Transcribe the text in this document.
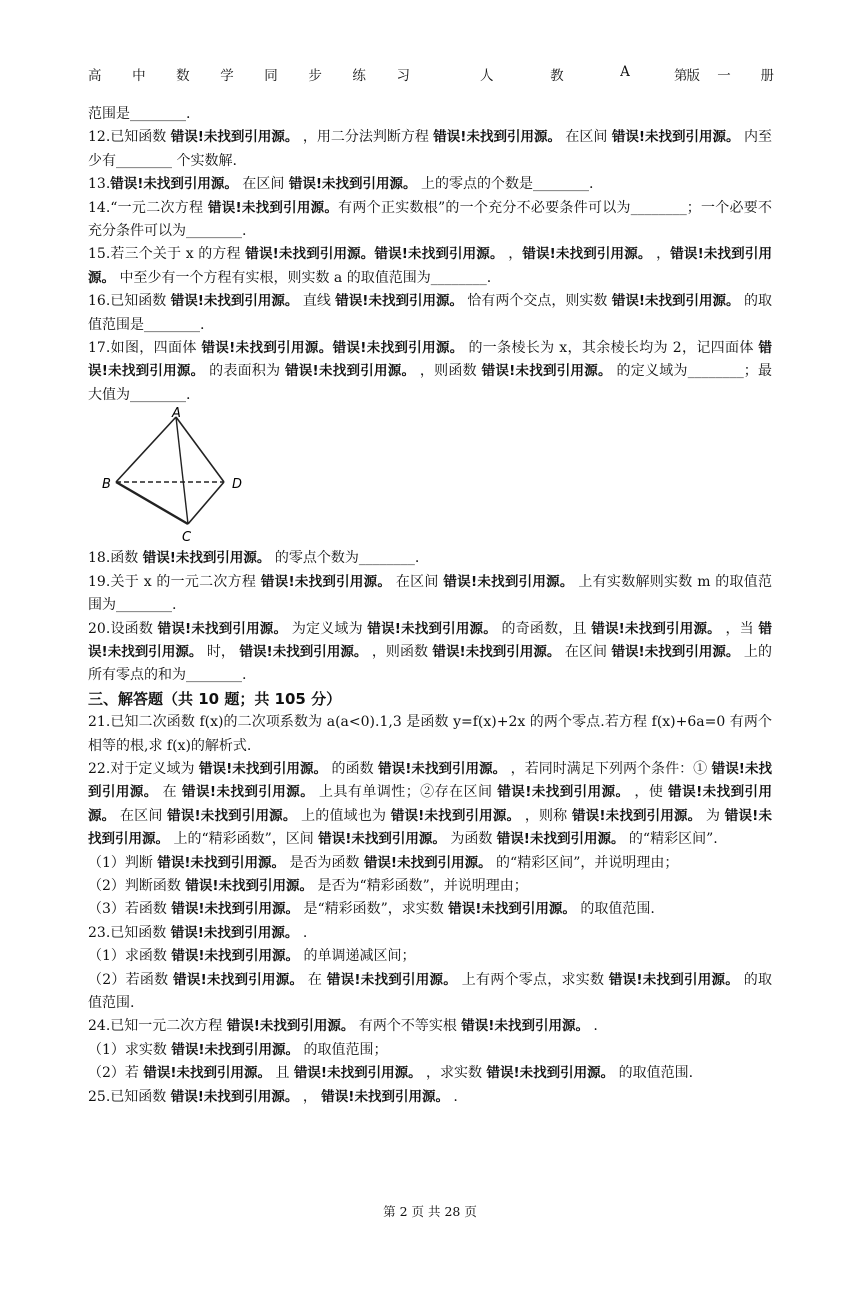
高 中 数 学 同 步 练 习	人	教	A	版
第 一 册

范围是________.

12.已知函数 错误!未找到引用源。 ，用二分法判断方程 错误!未找到引用源。 在区间 错误!未找到引用源。 内至少有________ 个实数解.

13.错误!未找到引用源。 在区间 错误!未找到引用源。 上的零点的个数是________.

14.“一元二次方程 错误!未找到引用源。有两个正实数根”的一个充分不必要条件可以为________；一个必要不充分条件可以为________.

15.若三个关于 x 的方程 错误!未找到引用源。错误!未找到引用源。 ，错误!未找到引用源。 ，错误!未找到引用源。 中至少有一个方程有实根，则实数 a 的取值范围为________.

16.已知函数 错误!未找到引用源。 直线 错误!未找到引用源。 恰有两个交点，则实数 错误!未找到引用源。 的取值范围是________.

17.如图，四面体 错误!未找到引用源。错误!未找到引用源。 的一条棱长为 x，其余棱长均为 2，记四面体 错误!未找到引用源。 的表面积为 错误!未找到引用源。 ，则函数 错误!未找到引用源。 的定义域为________；最大值为________.

A
B	D
C

18.函数 错误!未找到引用源。 的零点个数为________.

19.关于 x 的一元二次方程 错误!未找到引用源。 在区间 错误!未找到引用源。 上有实数解则实数 m 的取值范围为________.

20.设函数 错误!未找到引用源。 为定义域为 错误!未找到引用源。 的奇函数，且 错误!未找到引用源。 ，当 错误!未找到引用源。 时， 错误!未找到引用源。 ，则函数 错误!未找到引用源。 在区间 错误!未找到引用源。 上的所有零点的和为________.

三、解答题（共 10 题；共 105 分）

21.已知二次函数 f(x)的二次项系数为 a(a<0).1,3 是函数 y=f(x)+2x 的两个零点.若方程 f(x)+6a=0 有两个相等的根,求 f(x)的解析式.

22.对于定义域为 错误!未找到引用源。 的函数 错误!未找到引用源。 ，若同时满足下列两个条件：① 错误!未找到引用源。 在 错误!未找到引用源。 上具有单调性；②存在区间 错误!未找到引用源。 ，使 错误!未找到引用源。 在区间 错误!未找到引用源。 上的值域也为 错误!未找到引用源。 ，则称 错误!未找到引用源。 为 错误!未找到引用源。 上的“精彩函数”，区间 错误!未找到引用源。 为函数 错误!未找到引用源。 的“精彩区间”.

（1）判断 错误!未找到引用源。 是否为函数 错误!未找到引用源。 的“精彩区间”，并说明理由；

（2）判断函数 错误!未找到引用源。 是否为“精彩函数”，并说明理由；

（3）若函数 错误!未找到引用源。 是“精彩函数”，求实数 错误!未找到引用源。 的取值范围.

23.已知函数 错误!未找到引用源。 .

（1）求函数 错误!未找到引用源。 的单调递减区间；

（2）若函数 错误!未找到引用源。 在 错误!未找到引用源。 上有两个零点，求实数 错误!未找到引用源。 的取值范围.

24.已知一元二次方程 错误!未找到引用源。 有两个不等实根 错误!未找到引用源。 .

（1）求实数 错误!未找到引用源。 的取值范围；

（2）若 错误!未找到引用源。 且 错误!未找到引用源。 ，求实数 错误!未找到引用源。 的取值范围.

25.已知函数 错误!未找到引用源。 ， 错误!未找到引用源。 .

第 2 页 共 28 页
